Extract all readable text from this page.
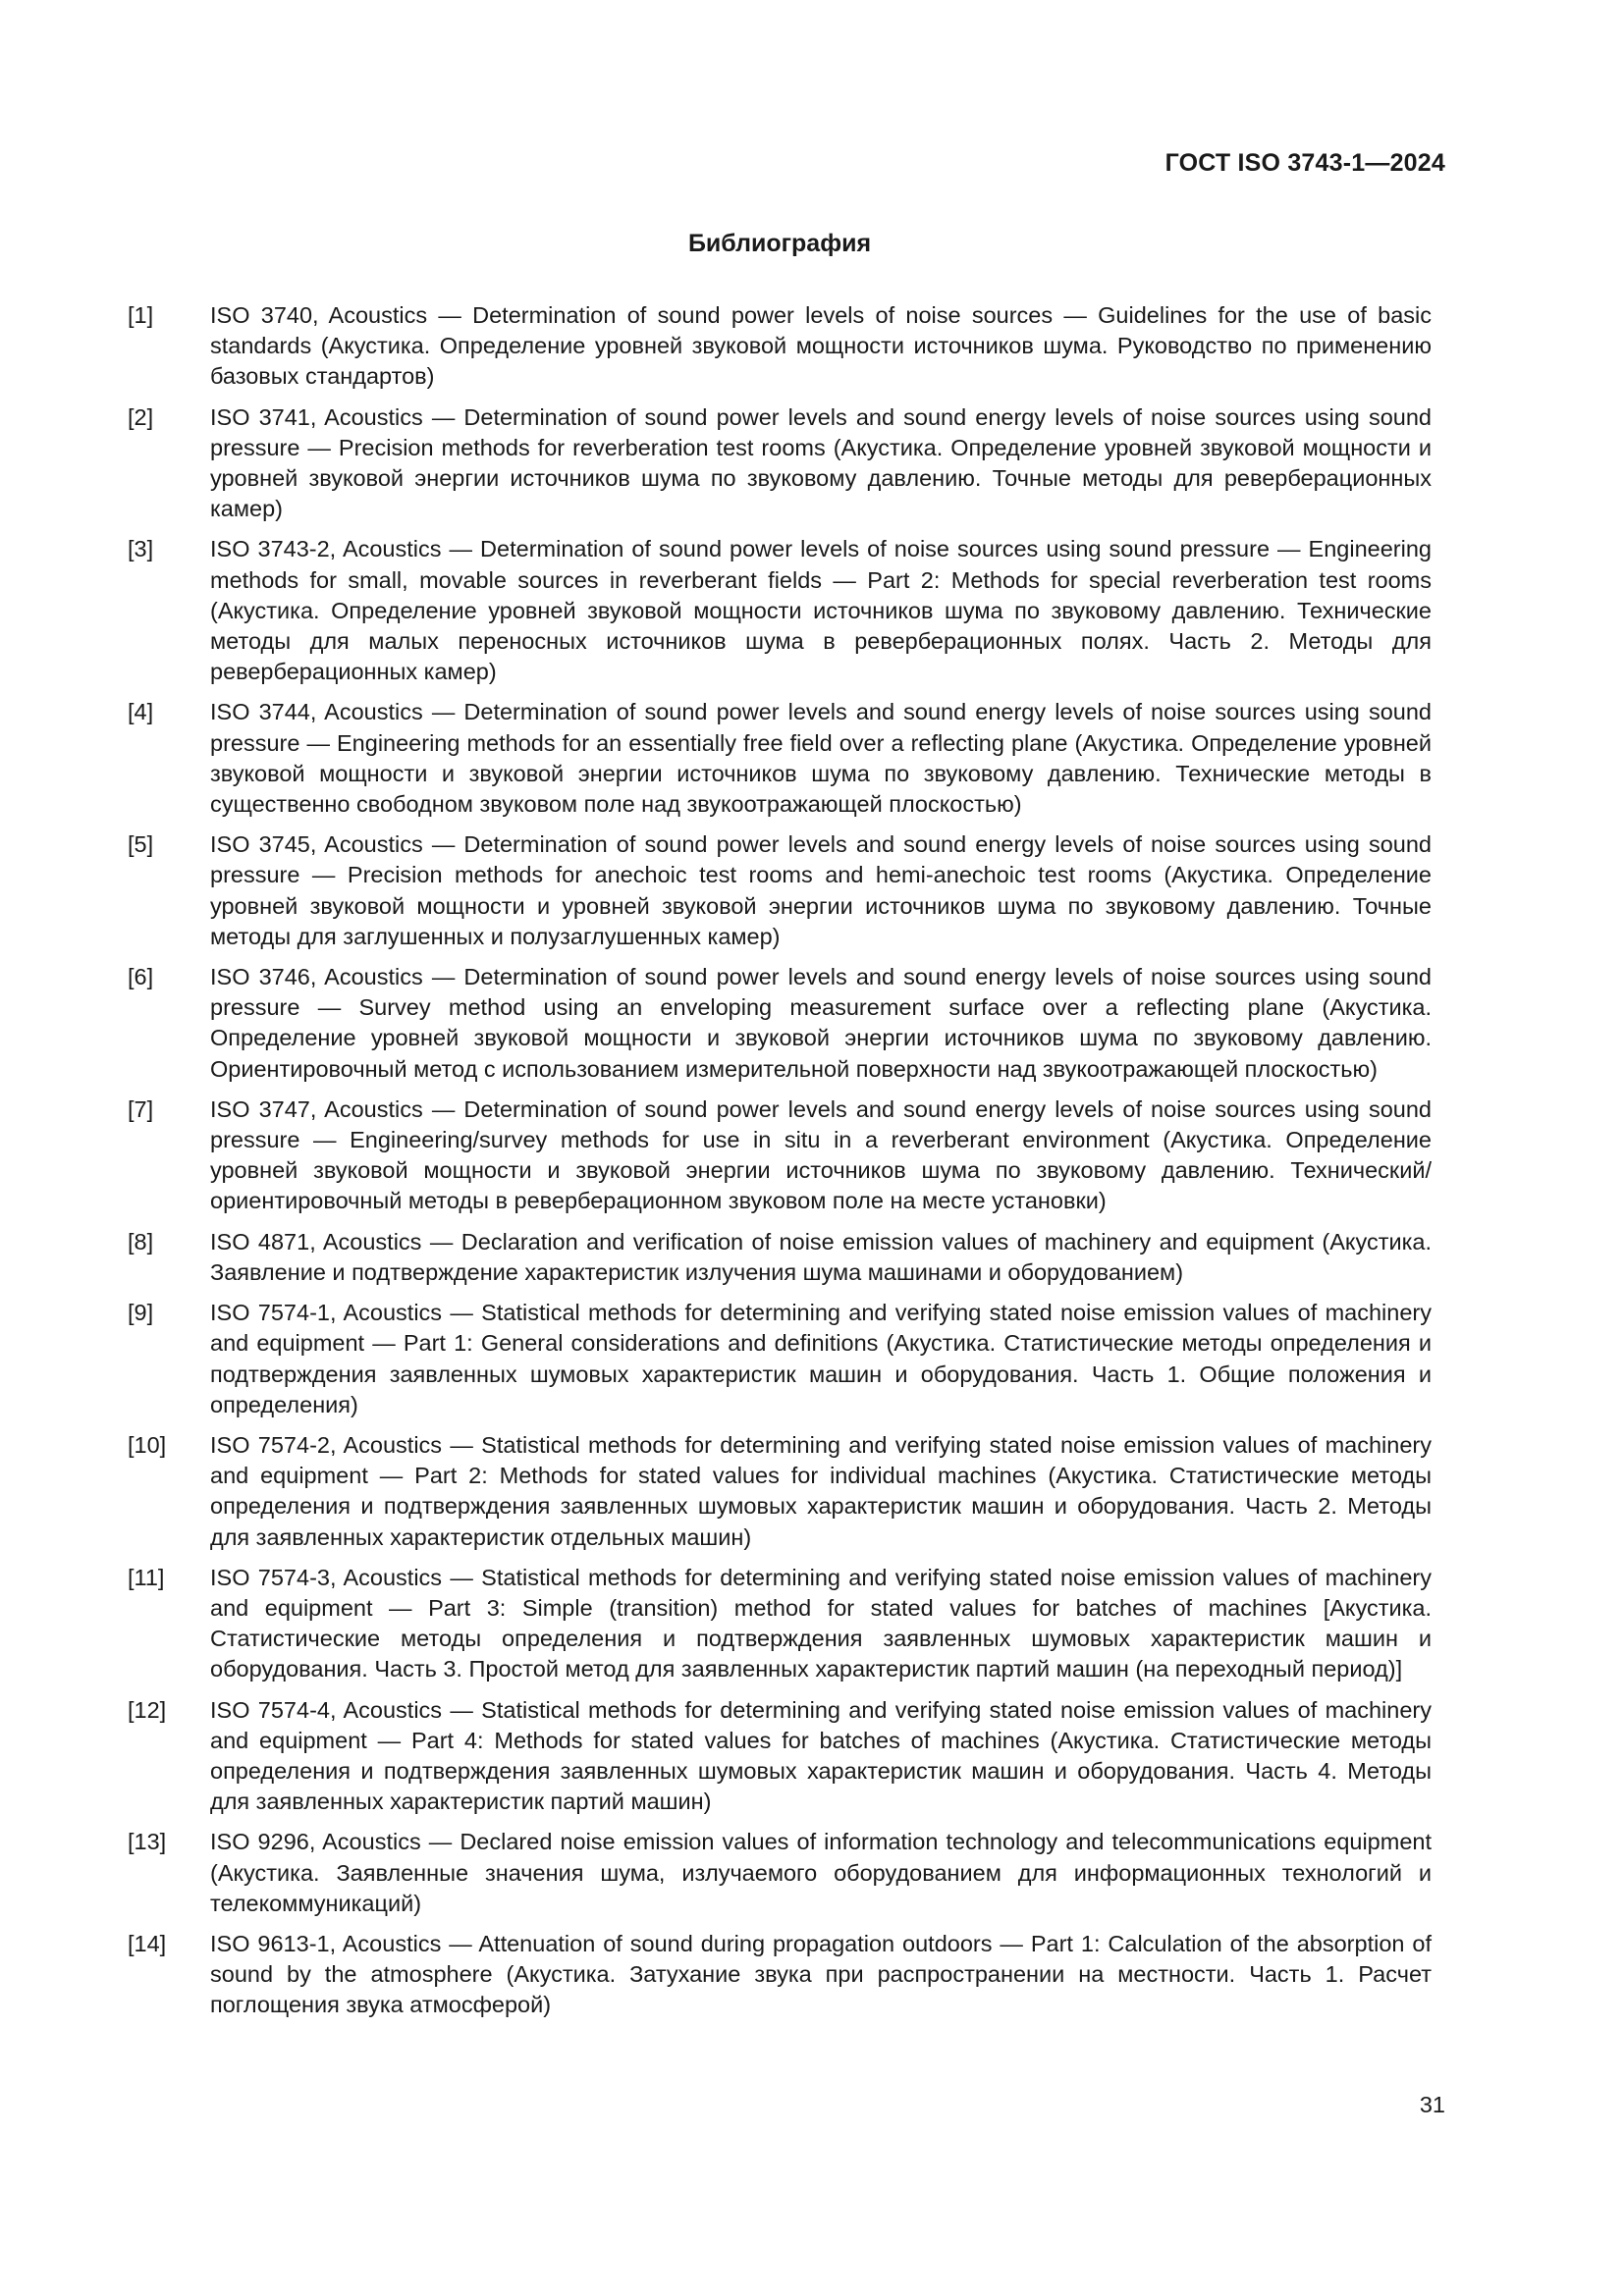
ГОСТ ISO 3743-1—2024

Библиография
[1]	ISO 3740, Acoustics — Determination of sound power levels of noise sources — Guidelines for the use of basic standards (Акустика. Определение уровней звуковой мощности источников шума. Руководство по применению базовых стандартов)
[2]	ISO 3741, Acoustics — Determination of sound power levels and sound energy levels of noise sources using sound pressure — Precision methods for reverberation test rooms (Акустика. Определение уровней звуковой мощности и уровней звуковой энергии источников шума по звуковому давлению. Точные методы для реверберационных камер)
[3]	ISO 3743-2, Acoustics — Determination of sound power levels of noise sources using sound pressure — Engineering methods for small, movable sources in reverberant fields — Part 2: Methods for special reverberation test rooms (Акустика. Определение уровней звуковой мощности источников шума по звуковому давлению. Технические методы для малых переносных источников шума в реверберационных полях. Часть 2. Методы для реверберационных камер)
[4]	ISO 3744, Acoustics — Determination of sound power levels and sound energy levels of noise sources using sound pressure — Engineering methods for an essentially free field over a reflecting plane (Акустика. Определение уровней звуковой мощности и звуковой энергии источников шума по звуковому давлению. Технические методы в существенно свободном звуковом поле над звукоотражающей плоскостью)
[5]	ISO 3745, Acoustics — Determination of sound power levels and sound energy levels of noise sources using sound pressure — Precision methods for anechoic test rooms and hemi-anechoic test rooms (Акустика. Определение уровней звуковой мощности и уровней звуковой энергии источников шума по звуковому давлению. Точные методы для заглушенных и полузаглушенных камер)
[6]	ISO 3746, Acoustics — Determination of sound power levels and sound energy levels of noise sources using sound pressure — Survey method using an enveloping measurement surface over a reflecting plane (Акустика. Определение уровней звуковой мощности и звуковой энергии источников шума по звуковому давлению. Ориентировочный метод с использованием измерительной поверхности над звукоотражающей плоскостью)
[7]	ISO 3747, Acoustics — Determination of sound power levels and sound energy levels of noise sources using sound pressure — Engineering/survey methods for use in situ in a reverberant environment (Акустика. Определение уровней звуковой мощности и звуковой энергии источников шума по звуковому давлению. Технический/ориентировочный методы в реверберационном звуковом поле на месте установки)
[8]	ISO 4871, Acoustics — Declaration and verification of noise emission values of machinery and equipment (Акустика. Заявление и подтверждение характеристик излучения шума машинами и оборудованием)
[9]	ISO 7574-1, Acoustics — Statistical methods for determining and verifying stated noise emission values of machinery and equipment — Part 1: General considerations and definitions (Акустика. Статистические методы определения и подтверждения заявленных шумовых характеристик машин и оборудования. Часть 1. Общие положения и определения)
[10]	ISO 7574-2, Acoustics — Statistical methods for determining and verifying stated noise emission values of machinery and equipment — Part 2: Methods for stated values for individual machines (Акустика. Статистические методы определения и подтверждения заявленных шумовых характеристик машин и оборудования. Часть 2. Методы для заявленных характеристик отдельных машин)
[11]	ISO 7574-3, Acoustics — Statistical methods for determining and verifying stated noise emission values of machinery and equipment — Part 3: Simple (transition) method for stated values for batches of machines [Акустика. Статистические методы определения и подтверждения заявленных шумовых характеристик машин и оборудования. Часть 3. Простой метод для заявленных характеристик партий машин (на переходный период)]
[12]	ISO 7574-4, Acoustics — Statistical methods for determining and verifying stated noise emission values of machinery and equipment — Part 4: Methods for stated values for batches of machines (Акустика. Статистические методы определения и подтверждения заявленных шумовых характеристик машин и оборудования. Часть 4. Методы для заявленных характеристик партий машин)
[13]	ISO 9296, Acoustics — Declared noise emission values of information technology and telecommunications equipment (Акустика. Заявленные значения шума, излучаемого оборудованием для информационных технологий и телекоммуникаций)
[14]	ISO 9613-1, Acoustics — Attenuation of sound during propagation outdoors — Part 1: Calculation of the absorption of sound by the atmosphere (Акустика. Затухание звука при распространении на местности. Часть 1. Расчет поглощения звука атмосферой)

31
